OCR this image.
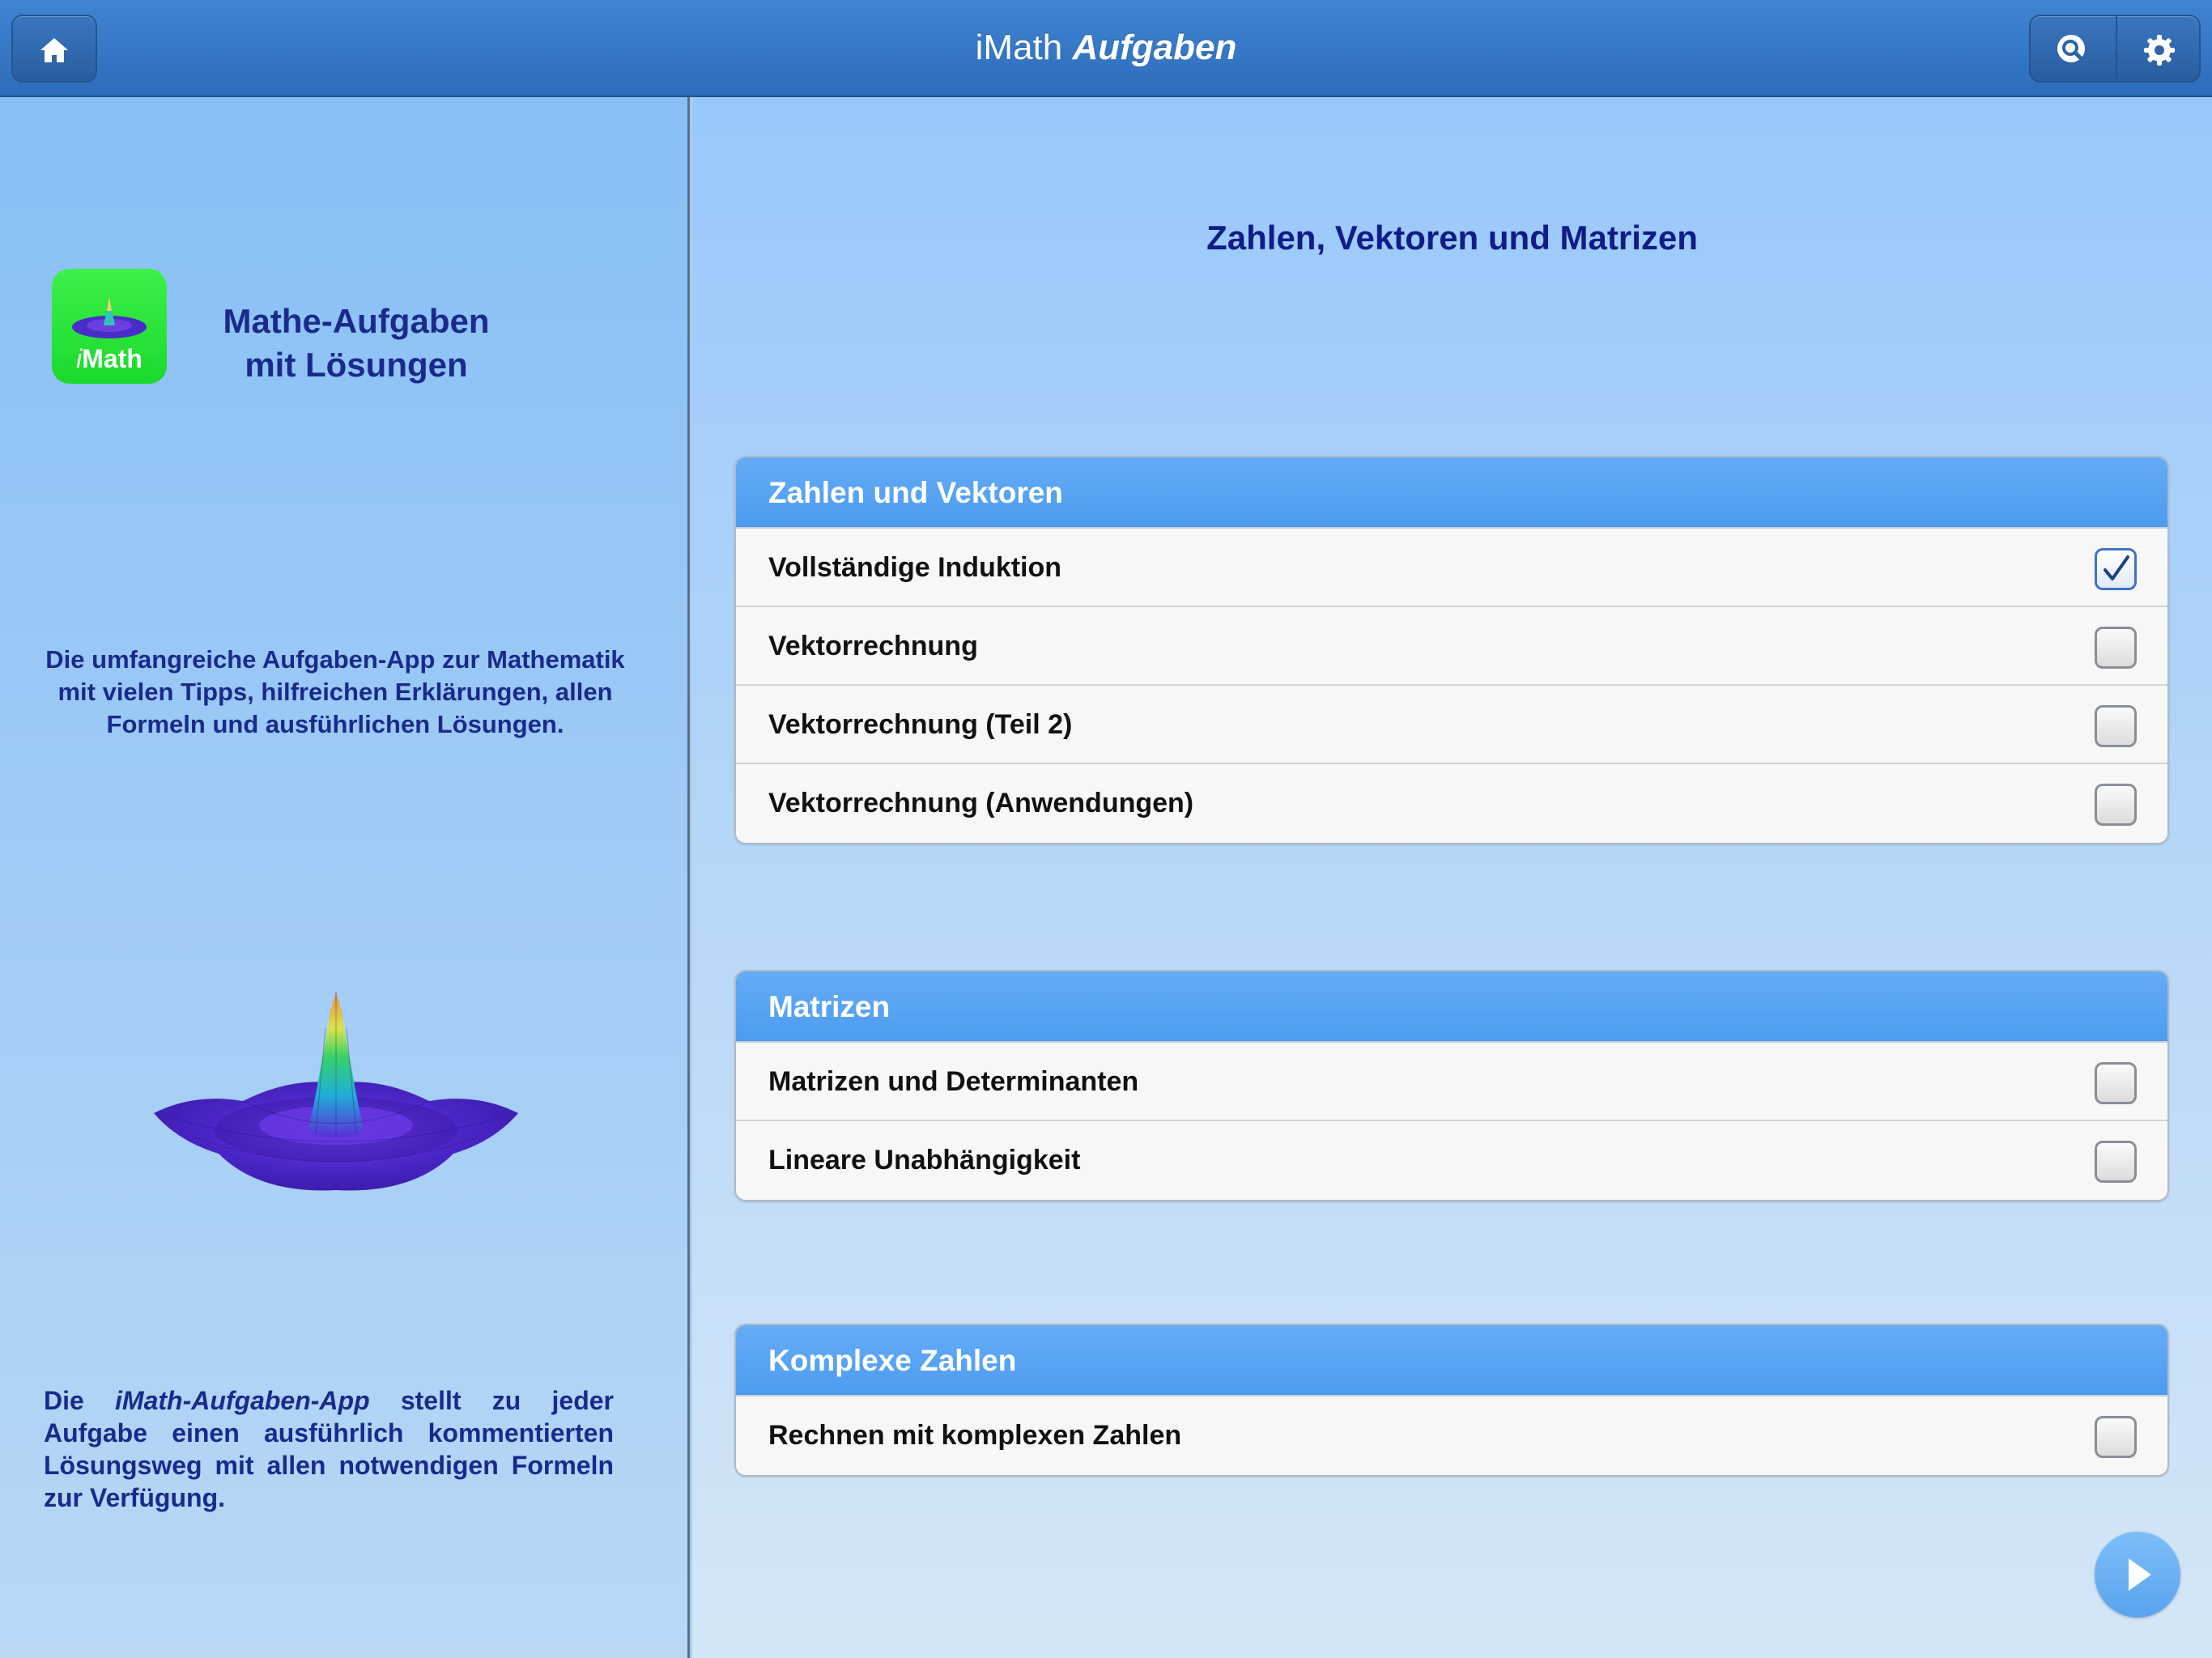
iMath Aufgaben
iMath
Mathe-Aufgaben
mit Lösungen
Die umfangreiche Aufgaben-App zur Mathematik mit vielen Tipps, hilfreichen Erklärungen, allen Formeln und ausführlichen Lösungen.
Die iMath-Aufgaben-App stellt zu jeder Aufgabe einen ausführlich kommentierten Lösungsweg mit allen notwendigen Formeln zur Verfügung.
Zahlen, Vektoren und Matrizen
Zahlen und Vektoren
Vollständige Induktion
Vektorrechnung
Vektorrechnung (Teil 2)
Vektorrechnung (Anwendungen)
Matrizen
Matrizen und Determinanten
Lineare Unabhängigkeit
Komplexe Zahlen
Rechnen mit komplexen Zahlen
